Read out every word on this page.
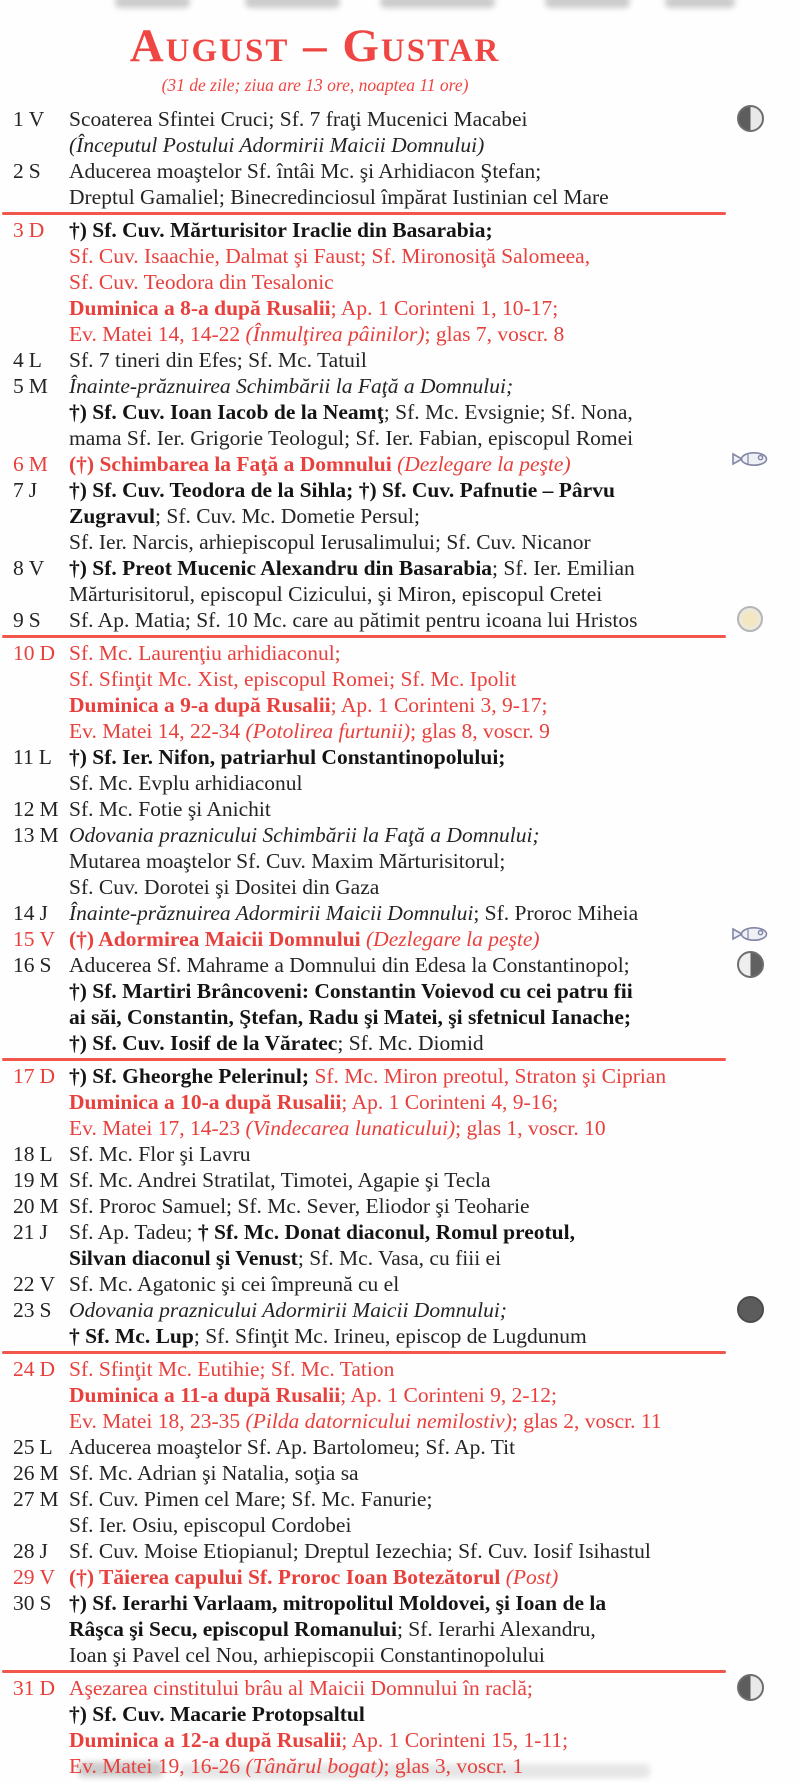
August – Gustar
(31 de zile; ziua are 13 ore, noaptea 11 ore)
1 V	Scoaterea Sfintei Cruci; Sf. 7 fraţi Mucenici Macabei
(Începutul Postului Adormirii Maicii Domnului)
2 S	Aducerea moaştelor Sf. întâi Mc. şi Arhidiacon Ştefan;
Dreptul Gamaliel; Binecredinciosul împărat Iustinian cel Mare
3 D	†) Sf. Cuv. Mărturisitor Iraclie din Basarabia;
Sf. Cuv. Isaachie, Dalmat şi Faust; Sf. Mironosiţă Salomeea,
Sf. Cuv. Teodora din Tesalonic
Duminica a 8-a după Rusalii; Ap. 1 Corinteni 1, 10-17;
Ev. Matei 14, 14-22 (Înmulţirea pâinilor); glas 7, voscr. 8
4 L	Sf. 7 tineri din Efes; Sf. Mc. Tatuil
5 M Înainte-prăznuirea Schimbării la Faţă a Domnului;
†) Sf. Cuv. Ioan Iacob de la Neamţ; Sf. Mc. Evsignie; Sf. Nona,
mama Sf. Ier. Grigorie Teologul; Sf. Ier. Fabian, episcopul Romei
6 M (†) Schimbarea la Faţă a Domnului (Dezlegare la peşte)
7 J	†) Sf. Cuv. Teodora de la Sihla; †) Sf. Cuv. Pafnutie – Pârvu
Zugravul; Sf. Cuv. Mc. Dometie Persul;
Sf. Ier. Narcis, arhiepiscopul Ierusalimului; Sf. Cuv. Nicanor
8 V	†) Sf. Preot Mucenic Alexandru din Basarabia; Sf. Ier. Emilian
Mărturisitorul, episcopul Cizicului, şi Miron, episcopul Cretei
9 S	Sf. Ap. Matia; Sf. 10 Mc. care au pătimit pentru icoana lui Hristos
10 D Sf. Mc. Laurenţiu arhidiaconul;
Sf. Sfinţit Mc. Xist, episcopul Romei; Sf. Mc. Ipolit
Duminica a 9-a după Rusalii; Ap. 1 Corinteni 3, 9-17;
Ev. Matei 14, 22-34 (Potolirea furtunii); glas 8, voscr. 9
11 L †) Sf. Ier. Nifon, patriarhul Constantinopolului;
Sf. Mc. Evplu arhidiaconul
12 M Sf. Mc. Fotie şi Anichit
13 M Odovania praznicului Schimbării la Faţă a Domnului;
Mutarea moaştelor Sf. Cuv. Maxim Mărturisitorul;
Sf. Cuv. Dorotei şi Dositei din Gaza
14 J Înainte-prăznuirea Adormirii Maicii Domnului; Sf. Proroc Miheia
15 V (†) Adormirea Maicii Domnului (Dezlegare la peşte)
16 S Aducerea Sf. Mahrame a Domnului din Edesa la Constantinopol;
†) Sf. Martiri Brâncoveni: Constantin Voievod cu cei patru fii
ai săi, Constantin, Ştefan, Radu şi Matei, şi sfetnicul Ianache;
†) Sf. Cuv. Iosif de la Văratec; Sf. Mc. Diomid
17 D †) Sf. Gheorghe Pelerinul; Sf. Mc. Miron preotul, Straton şi Ciprian
Duminica a 10-a după Rusalii; Ap. 1 Corinteni 4, 9-16;
Ev. Matei 17, 14-23 (Vindecarea lunaticului); glas 1, voscr. 10
18 L Sf. Mc. Flor şi Lavru
19 M Sf. Mc. Andrei Stratilat, Timotei, Agapie şi Tecla
20 M Sf. Proroc Samuel; Sf. Mc. Sever, Eliodor şi Teoharie
21 J Sf. Ap. Tadeu; † Sf. Mc. Donat diaconul, Romul preotul,
Silvan diaconul şi Venust; Sf. Mc. Vasa, cu fiii ei
22 V Sf. Mc. Agatonic şi cei împreună cu el
23 S Odovania praznicului Adormirii Maicii Domnului;
† Sf. Mc. Lup; Sf. Sfinţit Mc. Irineu, episcop de Lugdunum
24 D Sf. Sfinţit Mc. Eutihie; Sf. Mc. Tation
Duminica a 11-a după Rusalii; Ap. 1 Corinteni 9, 2-12;
Ev. Matei 18, 23-35 (Pilda datornicului nemilostiv); glas 2, voscr. 11
25 L Aducerea moaştelor Sf. Ap. Bartolomeu; Sf. Ap. Tit
26 M Sf. Mc. Adrian şi Natalia, soţia sa
27 M Sf. Cuv. Pimen cel Mare; Sf. Mc. Fanurie;
Sf. Ier. Osiu, episcopul Cordobei
28 J Sf. Cuv. Moise Etiopianul; Dreptul Iezechia; Sf. Cuv. Iosif Isihastul
29 V (†) Tăierea capului Sf. Proroc Ioan Botezătorul (Post)
30 S †) Sf. Ierarhi Varlaam, mitropolitul Moldovei, şi Ioan de la
Râşca şi Secu, episcopul Romanului; Sf. Ierarhi Alexandru,
Ioan şi Pavel cel Nou, arhiepiscopii Constantinopolului
31 D Aşezarea cinstitului brâu al Maicii Domnului în raclă;
†) Sf. Cuv. Macarie Protopsaltul
Duminica a 12-a după Rusalii; Ap. 1 Corinteni 15, 1-11;
Ev. Matei 19, 16-26 (Tânărul bogat); glas 3, voscr. 1
